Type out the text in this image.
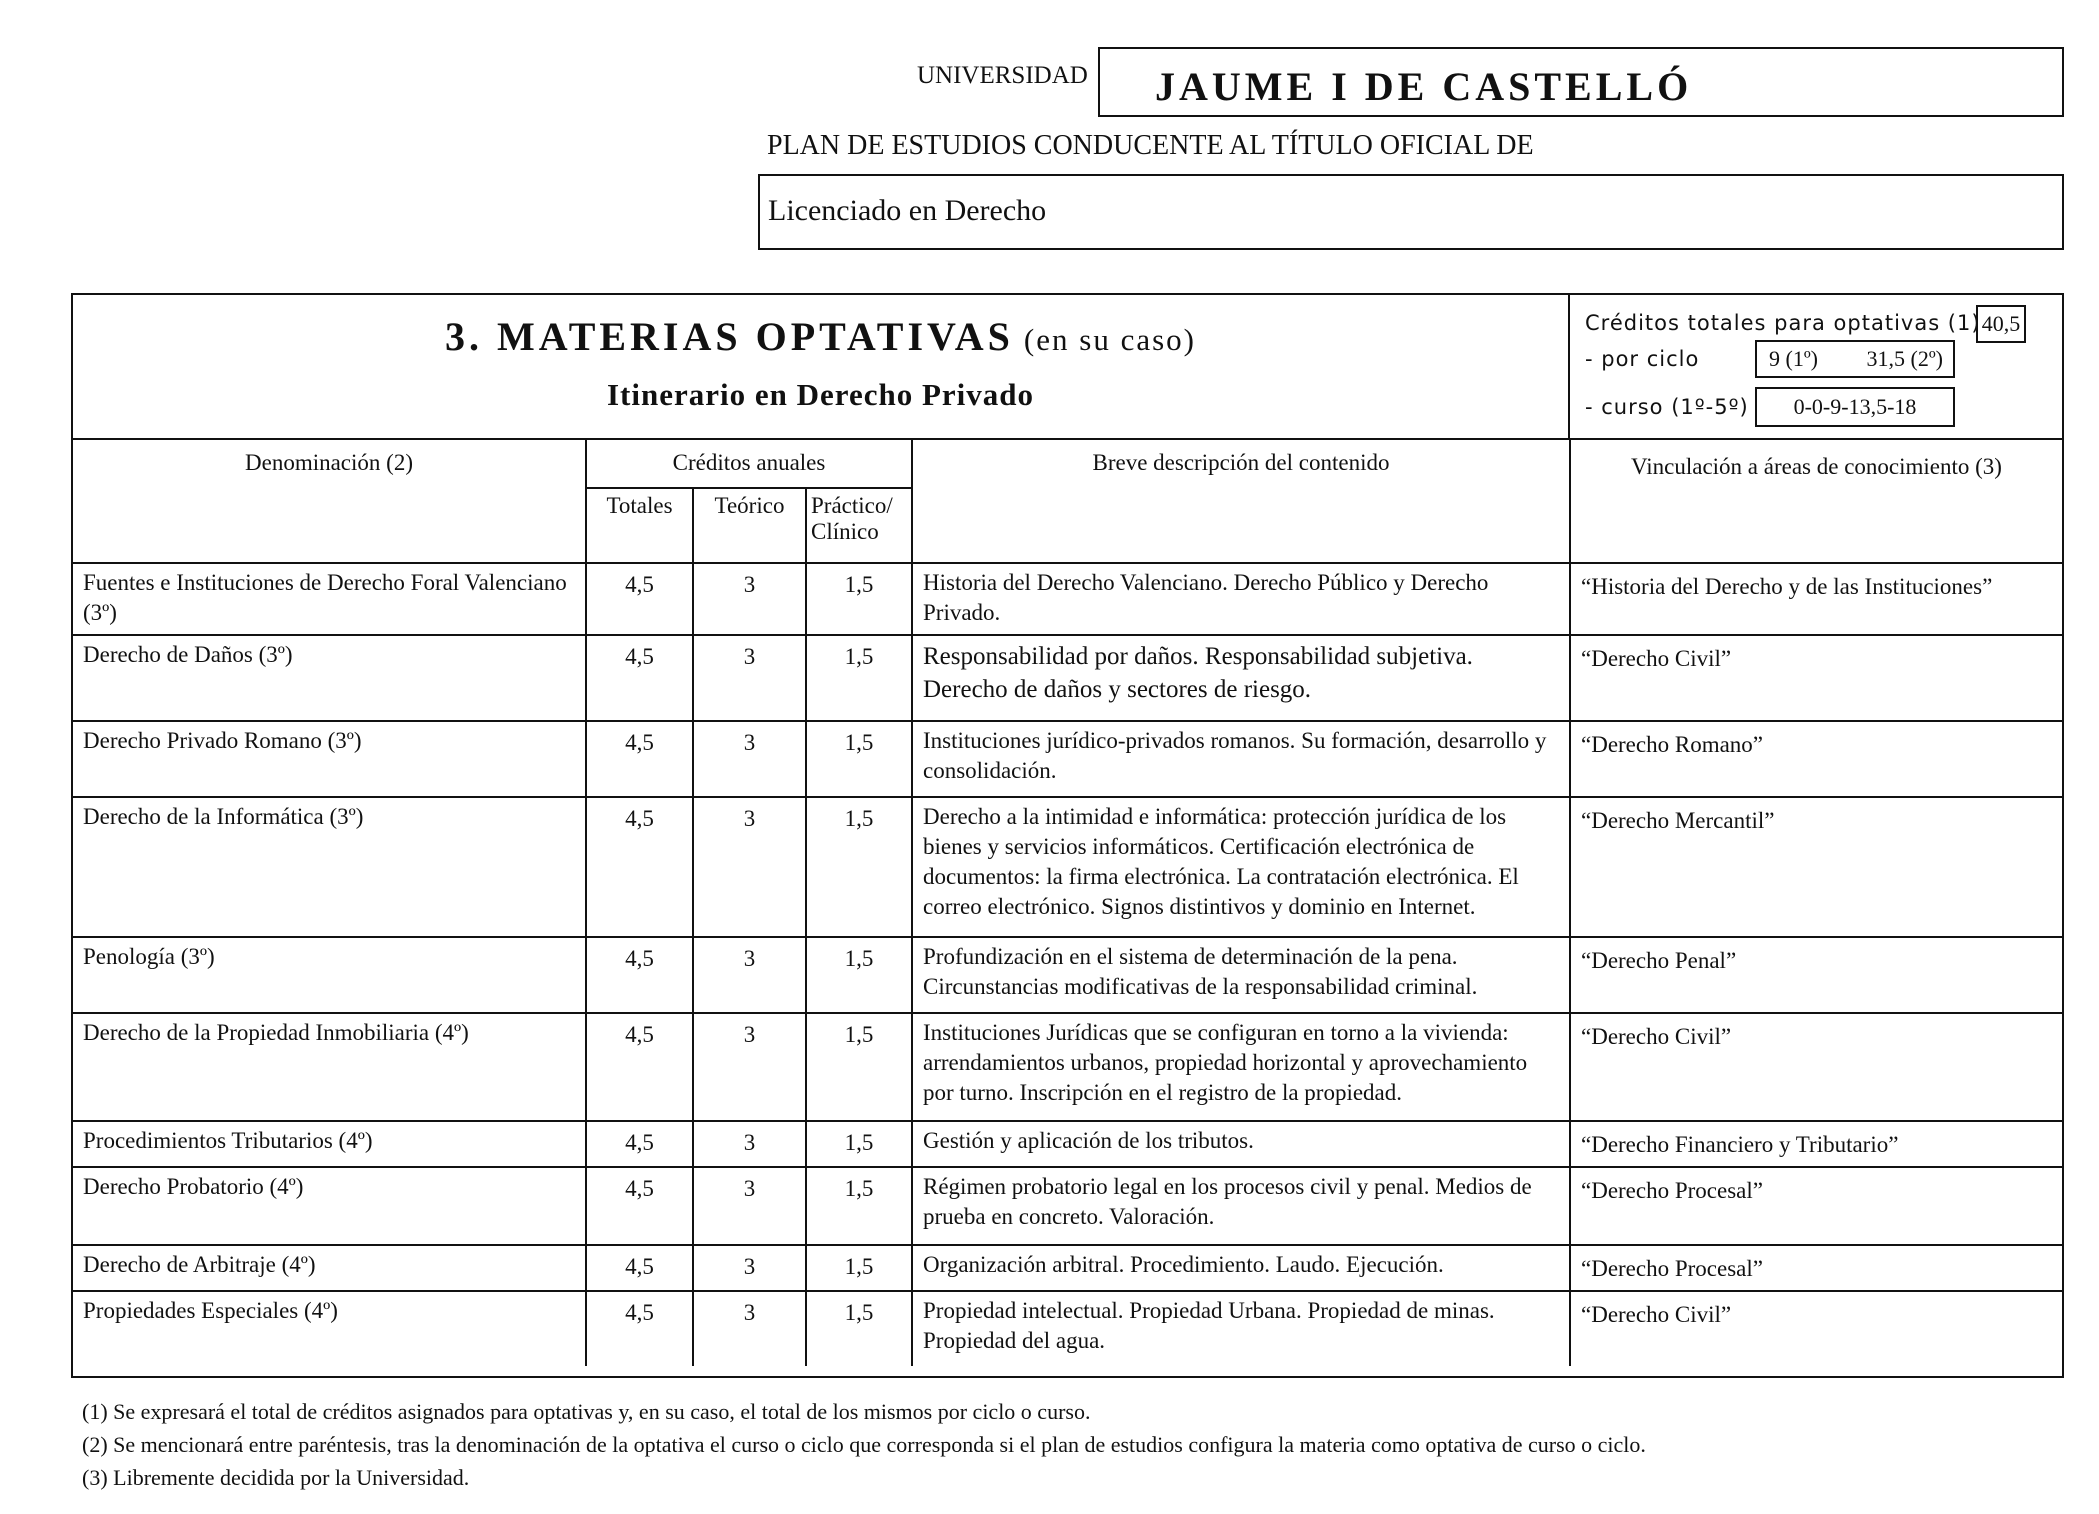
UNIVERSIDAD JAUME I DE CASTELLÓ
PLAN DE ESTUDIOS CONDUCENTE AL TÍTULO OFICIAL DE
Licenciado en Derecho
3. MATERIAS OPTATIVAS (en su caso)
Itinerario en Derecho Privado
Créditos totales para optativas (1) 40,5
- por ciclo	9 (1º) 31,5 (2º)
- curso (1º-5º)	0-0-9-13,5-18
Denominación (2)	Créditos anuales			Breve descripción del contenido	Vinculación a áreas de conocimiento (3)
	Totales	Teórico	Práctico/ Clínico		
Fuentes e Instituciones de Derecho Foral Valenciano (3º)	4,5	3	1,5	Historia del Derecho Valenciano. Derecho Público y Derecho Privado.	“Historia del Derecho y de las Instituciones”
Derecho de Daños (3º)	4,5	3	1,5	Responsabilidad por daños. Responsabilidad subjetiva. Derecho de daños y sectores de riesgo.	“Derecho Civil”
Derecho Privado Romano (3º)	4,5	3	1,5	Instituciones jurídico-privados romanos. Su formación, desarrollo y consolidación.	“Derecho Romano”
Derecho de la Informática (3º)	4,5	3	1,5	Derecho a la intimidad e informática: protección jurídica de los bienes y servicios informáticos. Certificación electrónica de documentos: la firma electrónica. La contratación electrónica. El correo electrónico. Signos distintivos y dominio en Internet.	“Derecho Mercantil”
Penología (3º)	4,5	3	1,5	Profundización en el sistema de determinación de la pena. Circunstancias modificativas de la responsabilidad criminal.	“Derecho Penal”
Derecho de la Propiedad Inmobiliaria (4º)	4,5	3	1,5	Instituciones Jurídicas que se configuran en torno a la vivienda: arrendamientos urbanos, propiedad horizontal y aprovechamiento por turno. Inscripción en el registro de la propiedad.	“Derecho Civil”
Procedimientos Tributarios (4º)	4,5	3	1,5	Gestión y aplicación de los tributos.	“Derecho Financiero y Tributario”
Derecho Probatorio (4º)	4,5	3	1,5	Régimen probatorio legal en los procesos civil y penal. Medios de prueba en concreto. Valoración.	“Derecho Procesal”
Derecho de Arbitraje (4º)	4,5	3	1,5	Organización arbitral. Procedimiento. Laudo. Ejecución.	“Derecho Procesal”
Propiedades Especiales (4º)	4,5	3	1,5	Propiedad intelectual. Propiedad Urbana. Propiedad de minas. Propiedad del agua.	“Derecho Civil”
(1) Se expresará el total de créditos asignados para optativas y, en su caso, el total de los mismos por ciclo o curso.
(2) Se mencionará entre paréntesis, tras la denominación de la optativa el curso o ciclo que corresponda si el plan de estudios configura la materia como optativa de curso o ciclo.
(3) Libremente decidida por la Universidad.
